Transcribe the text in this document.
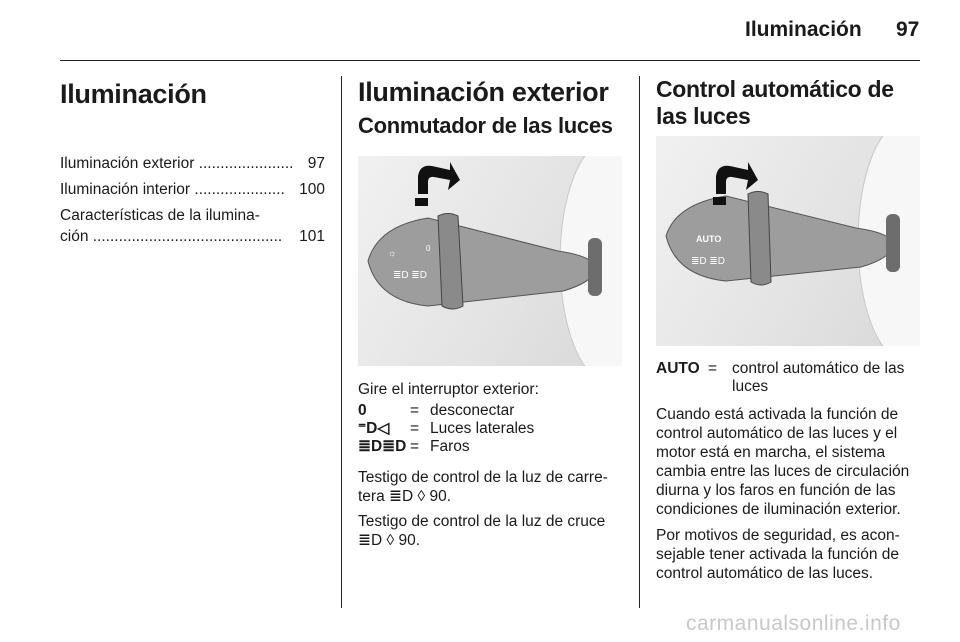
Iluminación 97
Iluminación
Iluminación exterior ...................... 97
Iluminación interior ..................... 100
Características de la ilumina-
ción ............................................ 101
Iluminación exterior
Conmutador de las luces
☼
≣D ≣D
0

Gire el interruptor exterior:

0	= desconectar
⁼D◁	= Luces laterales
≣D≣D = Faros

Testigo de control de la luz de carre-tera ≣D ◊ 90.

Testigo de control de la luz de cruce ≣D ◊ 90.

Control automático de las luces
AUTO
≣D ≣D
AUTO = control automático de las luces

Cuando está activada la función de control automático de las luces y el motor está en marcha, el sistema cambia entre las luces de circulación diurna y los faros en función de las condiciones de iluminación exterior.

Por motivos de seguridad, es acon-sejable tener activada la función de control automático de las luces.

carmanualsonline.info
